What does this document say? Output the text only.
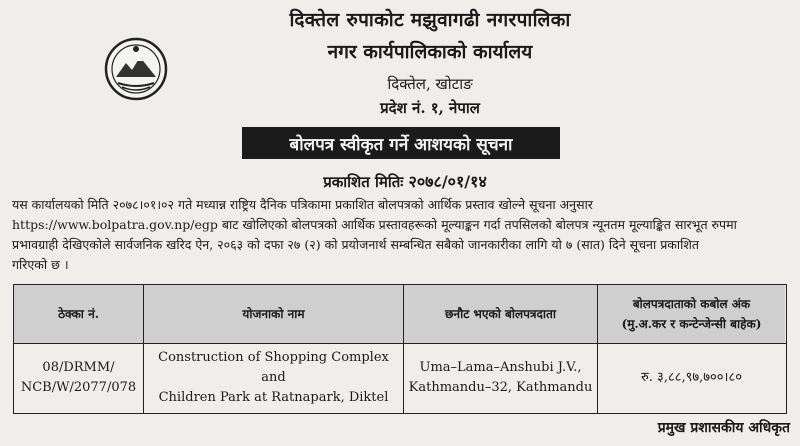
दिक्तेल रुपाकोट मझुवागढी नगरपालिका
नगर कार्यपालिकाको कार्यालय
दिक्तेल, खोटाङ
प्रदेश नं. १, नेपाल
बोलपत्र स्वीकृत गर्ने आशयको सूचना
प्रकाशित मितिः २०७८/०१/१४
यस कार्यालयको मिति २०७८।०१।०२ गते मध्यान्न राष्ट्रिय दैनिक पत्रिकामा प्रकाशित बोलपत्रको आर्थिक प्रस्ताव खोल्ने सूचना अनुसार
https://www.bolpatra.gov.np/egp बाट खोलिएको बोलपत्रको आर्थिक प्रस्तावहरूको मूल्याङ्कन गर्दा तपसिलको बोलपत्र न्यूनतम मूल्याङ्कित सारभूत रुपमा
प्रभावग्राही देखिएकोले सार्वजनिक खरिद ऐन, २०६३ को दफा २७ (२) को प्रयोजनार्थ सम्बन्धित सबैको जानकारीका लागि यो ७ (सात) दिने सूचना प्रकाशित
गरिएको छ ।
ठेक्का नं.	योजनाको नाम	छनौट भएको बोलपत्रदाता
बोलपत्रदाताको कबोल अंक
(मु.अ.कर र कन्टेन्जेन्सी बाहेक)
08/DRMM/
NCB/W/2077/078
Construction of Shopping Complex and
Children Park at Ratnapark, Diktel
Uma–Lama–Anshubi J.V.,
Kathmandu–32, Kathmandu
रु. ३,८८,९७,७००।८०
प्रमुख प्रशासकीय अधिकृत
